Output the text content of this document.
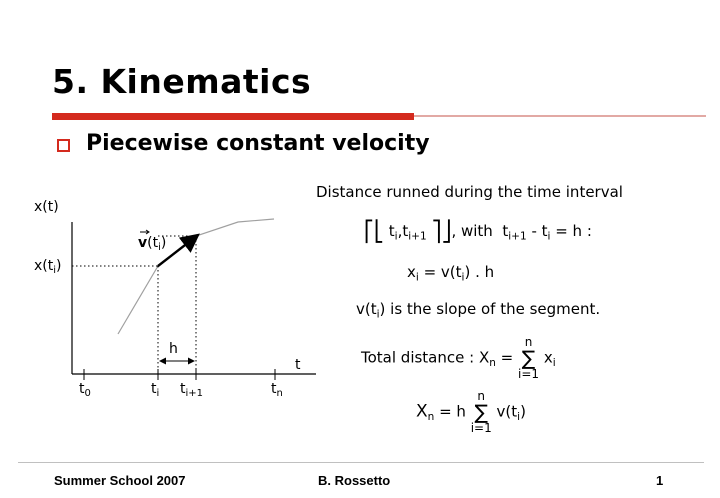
5. Kinematics
Piecewise constant velocity
x(t)
t
$x(t_i)$
$v(t_i)$
h
$t_0$	$t_i$ $t_{i+1}$	$t_n$
Distance runned during the time interval
⎡⎣ $t_i,t_{i+1}$ ⎤⎦, with $t_{i+1} - t_i = h$ :
$x_i = v(t_i)$ . h
$v(t_i)$ is the slope of the segment.
Total distance : $X_n$ =
n
∑
i=1
$x_i$
$X_n = h$
n
∑
i=1
$v(t_i)$
Summer School 2007	B. Rossetto	1
